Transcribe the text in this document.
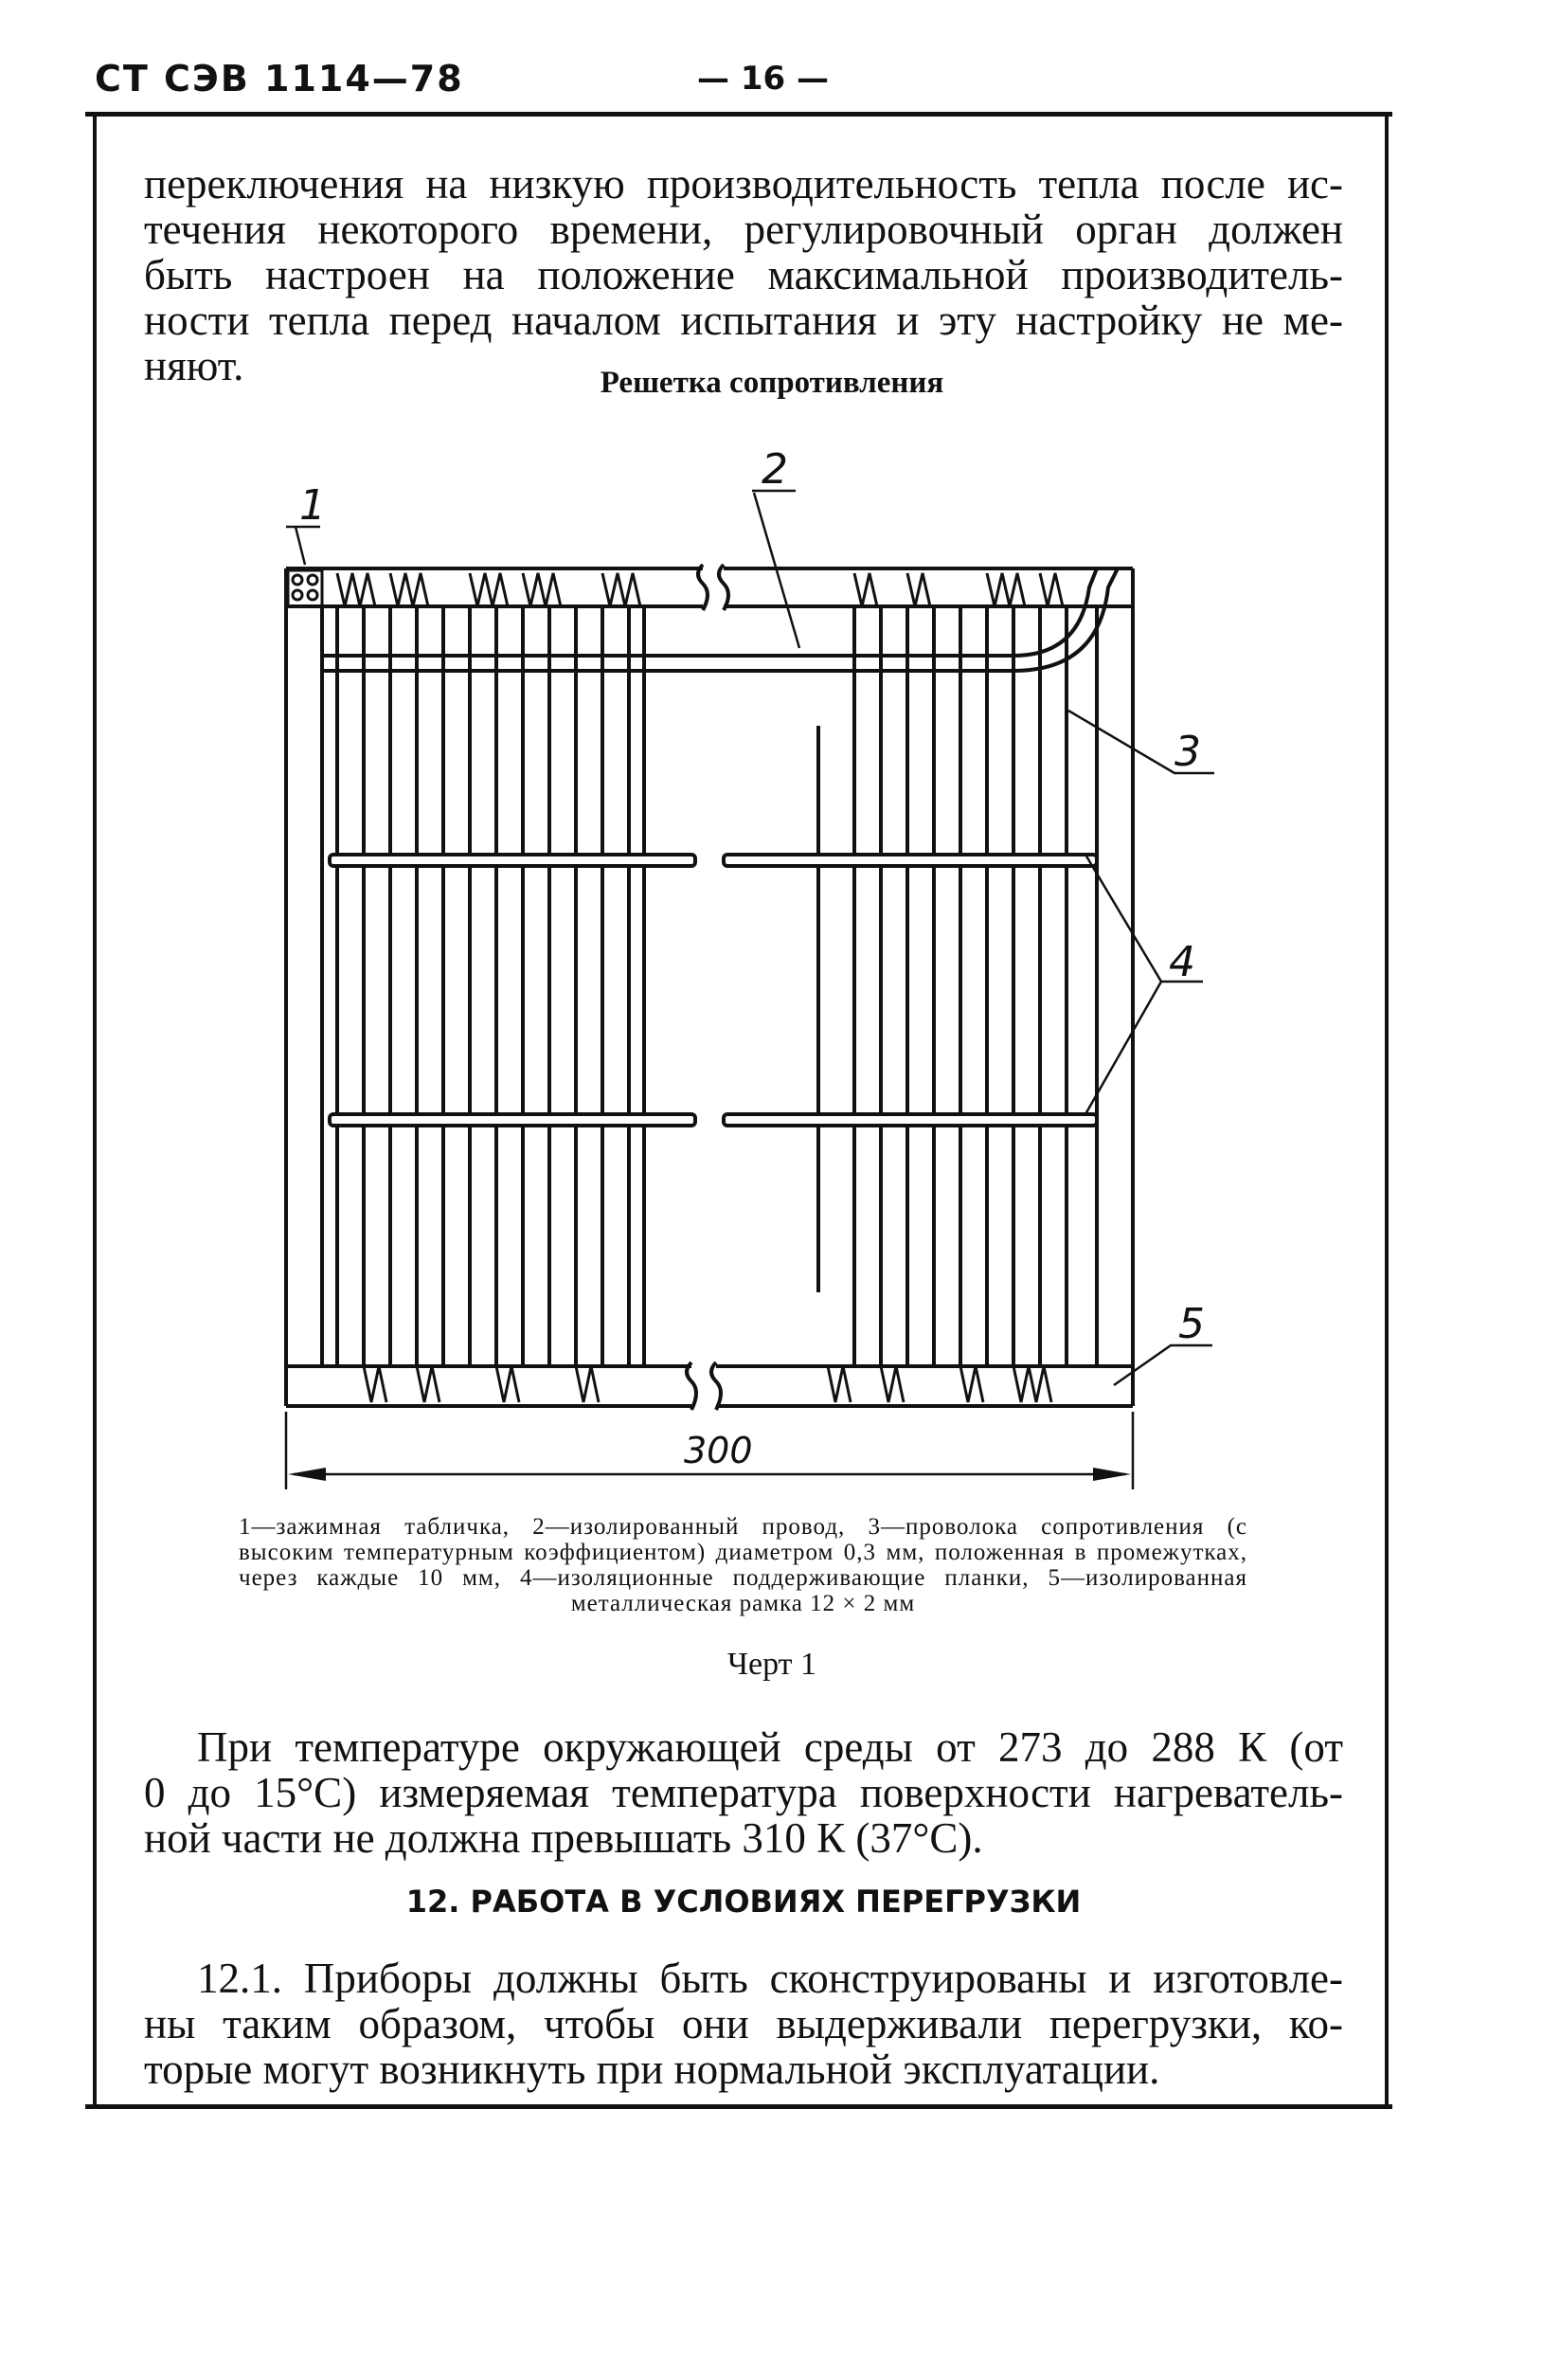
СТ СЭВ 1114—78	— 16 —
переключения на низкую производительность тепла после ис-
течения некоторого времени, регулировочный орган должен
быть настроен на положение максимальной производитель-
ности тепла перед началом испытания и эту настройку не ме-
няют.	Решетка сопротивления
1
2
3
4
5
300
1—зажимная табличка, 2—изолированный провод, 3—проволока сопротивления (с высоким температурным коэффициентом) диаметром 0,3 мм, положенная в промежутках, через каждые 10 мм, 4—изоляционные поддерживающие планки, 5—изолированная металлическая рамка 12 × 2 мм
Черт 1
При температуре окружающей среды от 273 до 288 К (от
0 до 15°С) измеряемая температура поверхности нагреватель-
ной части не должна превышать 310 К (37°С).
12. РАБОТА В УСЛОВИЯХ ПЕРЕГРУЗКИ
12.1. Приборы должны быть сконструированы и изготовле-
ны таким образом, чтобы они выдерживали перегрузки, ко-
торые могут возникнуть при нормальной эксплуатации.
